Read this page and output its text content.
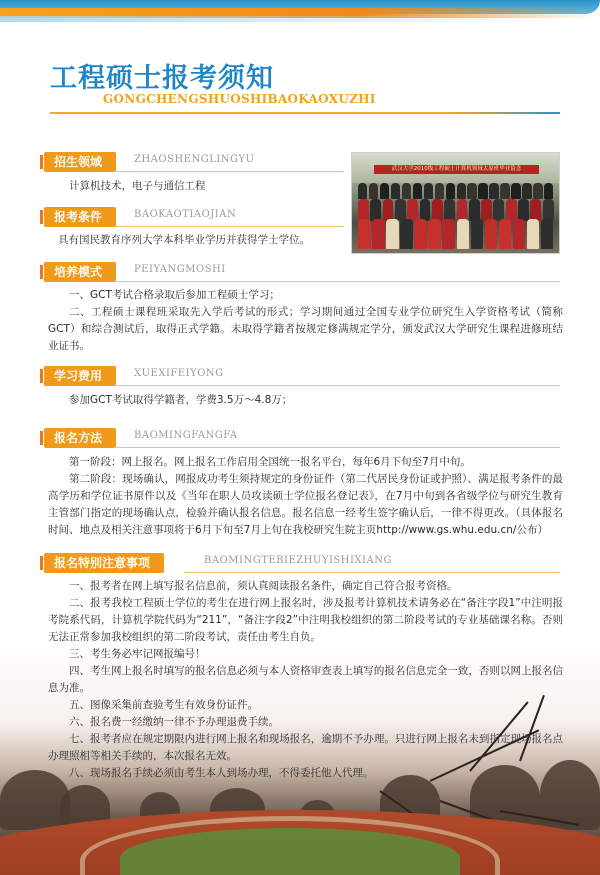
工程硕士报考须知
GONGCHENGSHUOSHIBAOKAOXUZHI
招生领域	ZHAOSHENGLINGYU

计算机技术，电子与通信工程

报考条件	BAOKAOTIAOJIAN

具有国民教育序列大学本科毕业学历并获得学士学位。

武汉大学2010级工程硕士计算机领域太原班毕业留念
培养模式	PEIYANGMOSHI

一、GCT考试合格录取后参加工程硕士学习；

二、工程硕士课程班采取先入学后考试的形式；学习期间通过全国专业学位研究生入学资格考试（简称GCT）和综合测试后，取得正式学籍。未取得学籍者按规定修满规定学分，颁发武汉大学研究生课程进修班结业证书。

学习费用	XUEXIFEIYONG

参加GCT考试取得学籍者，学费3.5万～4.8万；

报名方法	BAOMINGFANGFA

第一阶段：网上报名。网上报名工作启用全国统一报名平台，每年6月下旬至7月中旬。

第二阶段：现场确认，网报成功考生须持规定的身份证件（第二代居民身份证或护照）、满足报考条件的最高学历和学位证书原件以及《当年在职人员攻读硕士学位报名登记表》，在7月中旬到各省级学位与研究生教育主管部门指定的现场确认点，检验并确认报名信息。报名信息一经考生签字确认后，一律不得更改。（具体报名时间、地点及相关注意事项将于6月下旬至7月上旬在我校研究生院主页http://www.gs.whu.edu.cn/公布）

报名特别注意事项	BAOMINGTEBIEZHUYISHIXIANG

一、报考者在网上填写报名信息前，须认真阅读报名条件，确定自己符合报考资格。

二、报考我校工程硕士学位的考生在进行网上报名时，涉及报考计算机技术请务必在“备注字段1”中注明报考院系代码，计算机学院代码为“211”，“备注字段2”中注明我校组织的第二阶段考试的专业基础课名称。否则无法正常参加我校组织的第二阶段考试，责任由考生自负。

三、考生务必牢记网报编号！

四、考生网上报名时填写的报名信息必须与本人资格审查表上填写的报名信息完全一致，否则以网上报名信息为准。

五、图像采集前查验考生有效身份证件。

六、报名费一经缴纳一律不予办理退费手续。

七、报考者应在规定期限内进行网上报名和现场报名，逾期不予办理。只进行网上报名未到指定现场报名点办理照相等相关手续的，本次报名无效。

八、现场报名手续必须由考生本人到场办理，不得委托他人代理。
